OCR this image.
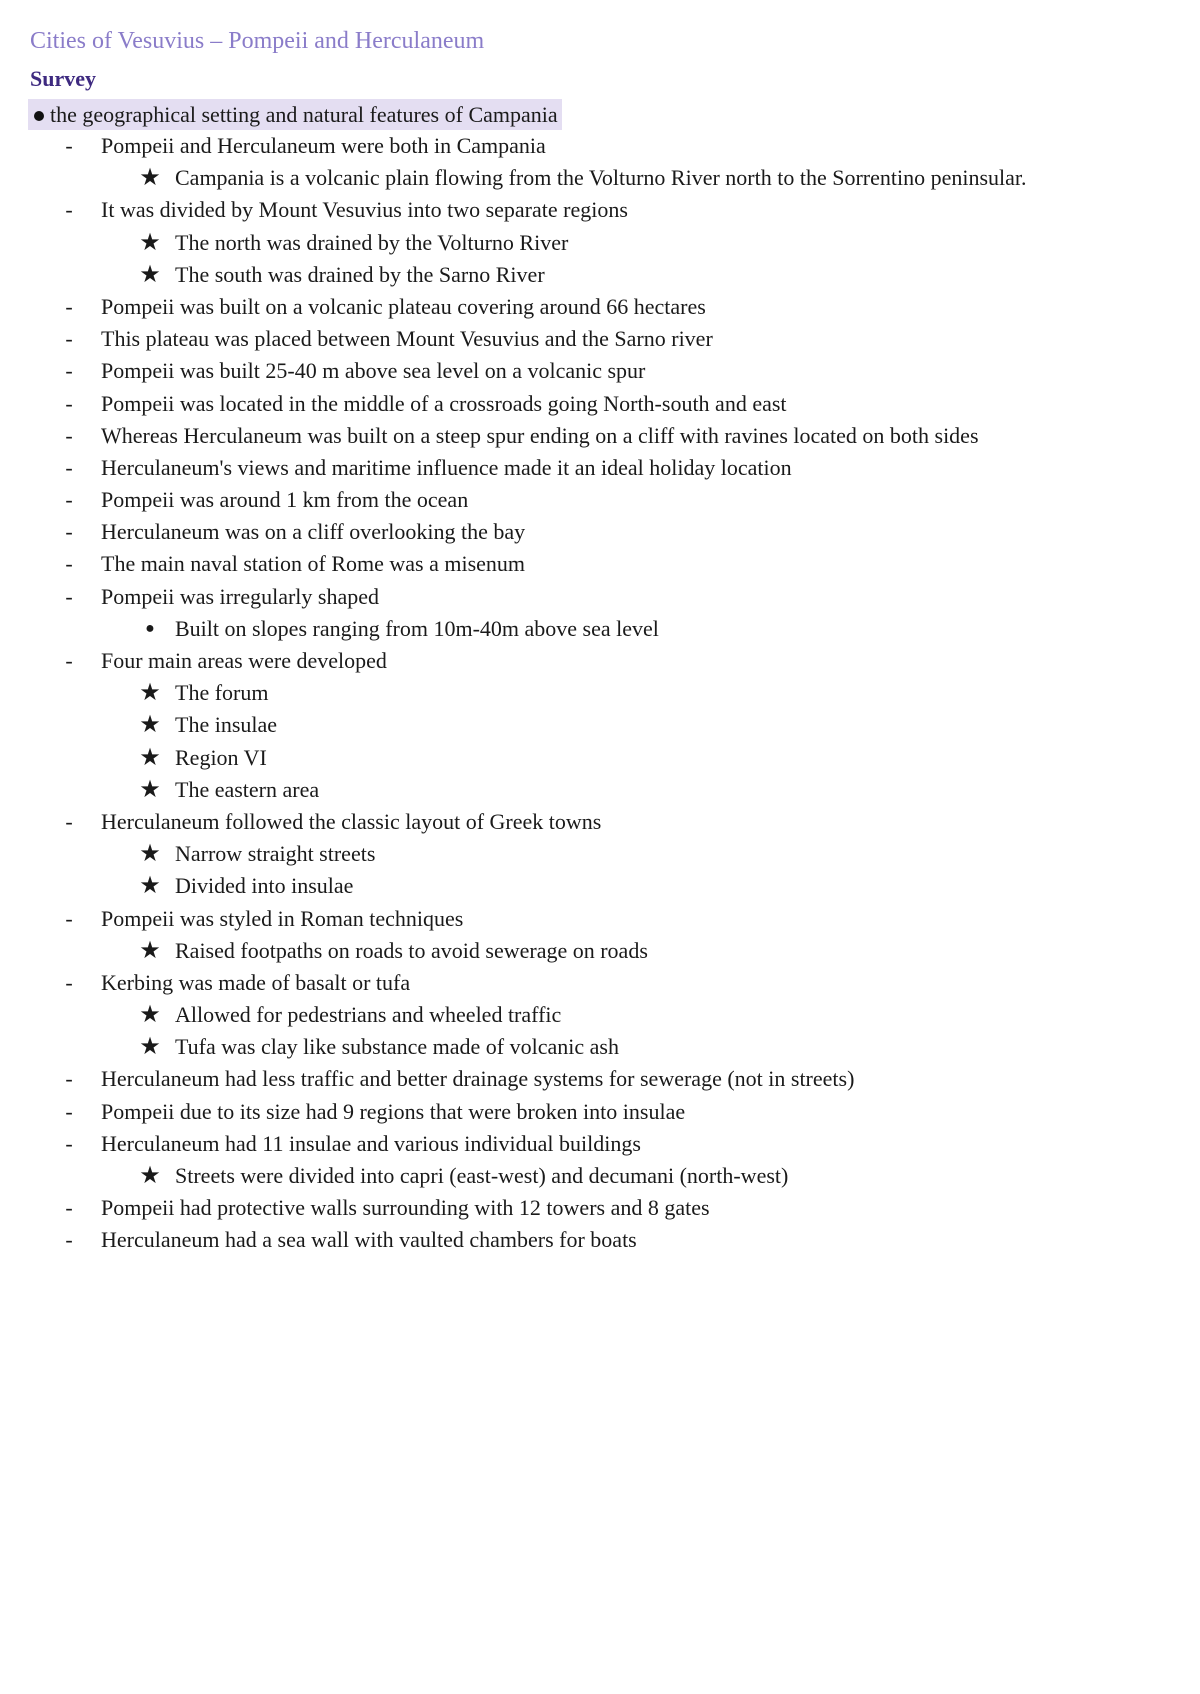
Cities of Vesuvius – Pompeii and Herculaneum
Survey
the geographical setting and natural features of Campania
- Pompeii and Herculaneum were both in Campania
★ Campania is a volcanic plain flowing from the Volturno River north to the Sorrentino peninsular.
- It was divided by Mount Vesuvius into two separate regions
★ The north was drained by the Volturno River
★ The south was drained by the Sarno River
- Pompeii was built on a volcanic plateau covering around 66 hectares
- This plateau was placed between Mount Vesuvius and the Sarno river
- Pompeii was built 25-40 m above sea level on a volcanic spur
- Pompeii was located in the middle of a crossroads going North-south and east
- Whereas Herculaneum was built on a steep spur ending on a cliff with ravines located on both sides
- Herculaneum's views and maritime influence made it an ideal holiday location
- Pompeii was around 1 km from the ocean
- Herculaneum was on a cliff overlooking the bay
- The main naval station of Rome was a misenum
- Pompeii was irregularly shaped
● Built on slopes ranging from 10m-40m above sea level
- Four main areas were developed
★ The forum
★ The insulae
★ Region VI
★ The eastern area
- Herculaneum followed the classic layout of Greek towns
★ Narrow straight streets
★ Divided into insulae
- Pompeii was styled in Roman techniques
★ Raised footpaths on roads to avoid sewerage on roads
- Kerbing was made of basalt or tufa
★ Allowed for pedestrians and wheeled traffic
★ Tufa was clay like substance made of volcanic ash
- Herculaneum had less traffic and better drainage systems for sewerage (not in streets)
- Pompeii due to its size had 9 regions that were broken into insulae
- Herculaneum had 11 insulae and various individual buildings
★ Streets were divided into capri (east-west) and decumani (north-west)
- Pompeii had protective walls surrounding with 12 towers and 8 gates
- Herculaneum had a sea wall with vaulted chambers for boats
